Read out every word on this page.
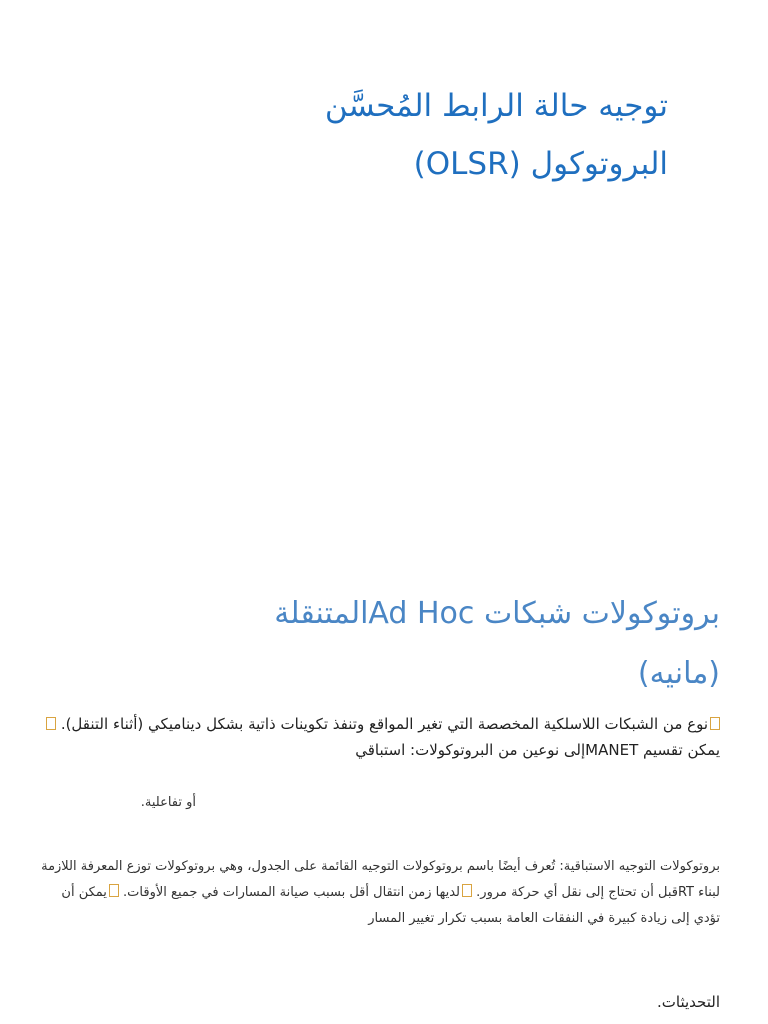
توجيه حالة الرابط المُحسَّن
البروتوكول (OLSR)
بروتوكولات شبكات Ad Hocالمتنقلة
(مانيه)
نوع من الشبكات اللاسلكية المخصصة التي تغير المواقع وتنفذ تكوينات ذاتية بشكل ديناميكي (أثناء التنقل). يمكن تقسيم MANETإلى نوعين من البروتوكولات: استباقي
أو تفاعلية.
بروتوكولات التوجيه الاستباقية: تُعرف أيضًا باسم بروتوكولات التوجيه القائمة على الجدول، وهي بروتوكولات توزع المعرفة اللازمة لبناء RTقبل أن تحتاج إلى نقل أي حركة مرور. لديها زمن انتقال أقل بسبب صيانة المسارات في جميع الأوقات. يمكن أن تؤدي إلى زيادة كبيرة في النفقات العامة بسبب تكرار تغيير المسار
التحديثات.
